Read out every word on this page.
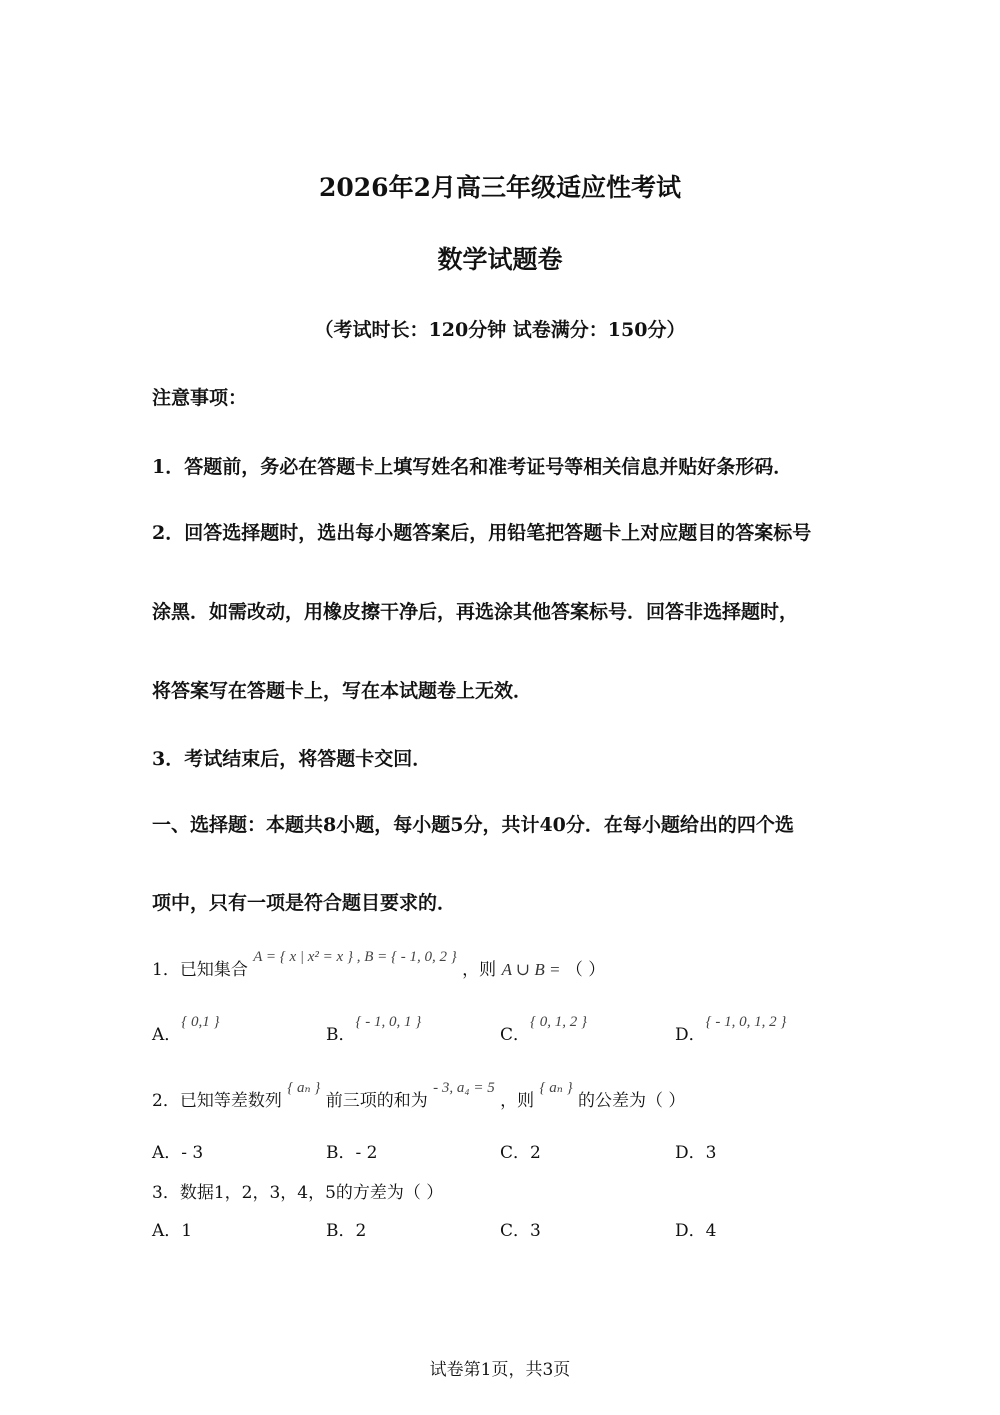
2026年2月高三年级适应性考试
数学试题卷
（考试时长：120分钟 试卷满分：150分）
注意事项：
1．答题前，务必在答题卡上填写姓名和准考证号等相关信息并贴好条形码．
2．回答选择题时，选出每小题答案后，用铅笔把答题卡上对应题目的答案标号
涂黑．如需改动，用橡皮擦干净后，再选涂其他答案标号．回答非选择题时，
将答案写在答题卡上，写在本试题卷上无效．
3．考试结束后，将答题卡交回．
一、选择题：本题共8小题，每小题5分，共计40分．在每小题给出的四个选
项中，只有一项是符合题目要求的．
1．已知集合 A = { x | x² = x } , B = { - 1, 0, 2 } ，则 A ∪ B = （ ）
A．{ 0,1 }
B．{ - 1, 0, 1 }
C．{ 0, 1, 2 }
D．{ - 1, 0, 1, 2 }
2．已知等差数列 { aₙ } 前三项的和为 - 3, a₄ = 5 ，则 { aₙ } 的公差为（ ）
A．- 3	B．- 2	C．2	D．3
3．数据1，2，3，4，5的方差为（ ）
A．1	B．2	C．3	D．4
试卷第1页，共3页
